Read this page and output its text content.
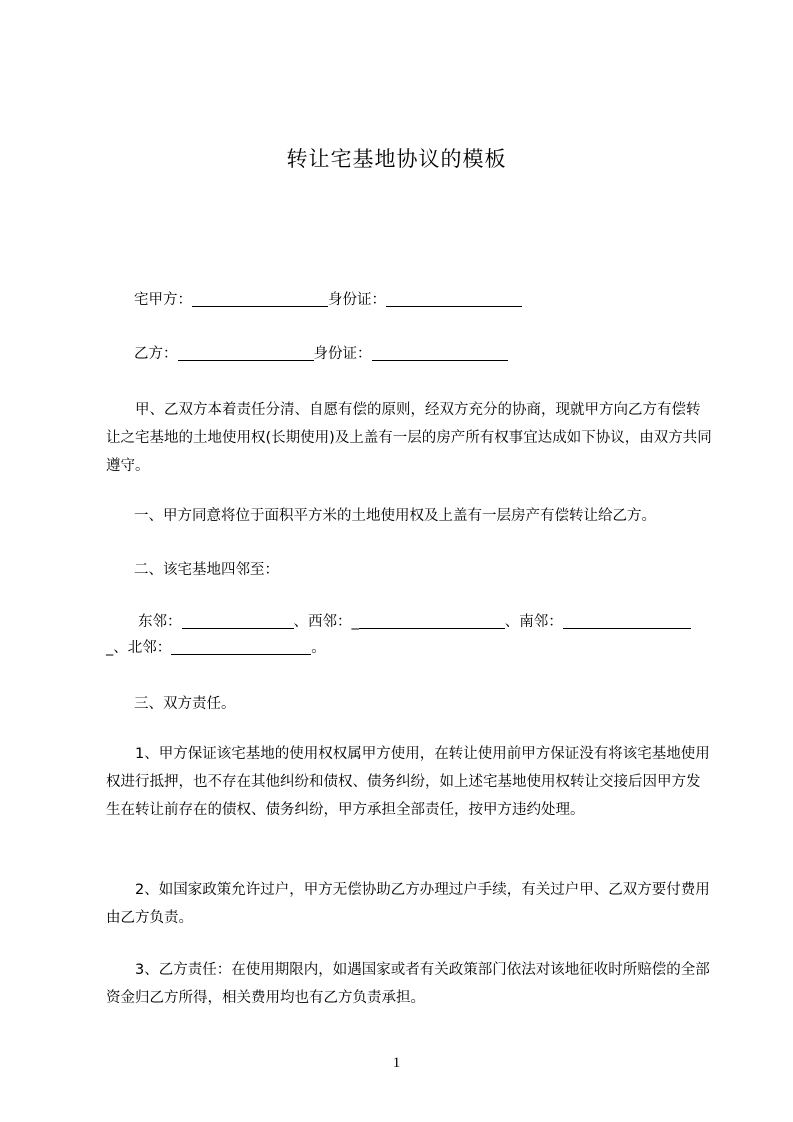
转让宅基地协议的模板
宅甲方：	身份证：
乙方：	身份证：
甲、乙双方本着责任分清、自愿有偿的原则，经双方充分的协商，现就甲方向乙方有偿转让之宅基地的土地使用权(长期使用)及上盖有一层的房产所有权事宜达成如下协议，由双方共同遵守。
一、甲方同意将位于面积平方米的土地使用权及上盖有一层房产有偿转让给乙方。
二、该宅基地四邻至：
东邻：	、西邻：_	、南邻：
_、北邻：	。
三、双方责任。
1、甲方保证该宅基地的使用权权属甲方使用，在转让使用前甲方保证没有将该宅基地使用权进行抵押，也不存在其他纠纷和债权、债务纠纷，如上述宅基地使用权转让交接后因甲方发生在转让前存在的债权、债务纠纷，甲方承担全部责任，按甲方违约处理。
2、如国家政策允许过户，甲方无偿协助乙方办理过户手续，有关过户甲、乙双方要付费用由乙方负责。
3、乙方责任：在使用期限内，如遇国家或者有关政策部门依法对该地征收时所赔偿的全部资金归乙方所得，相关费用均也有乙方负责承担。
1
